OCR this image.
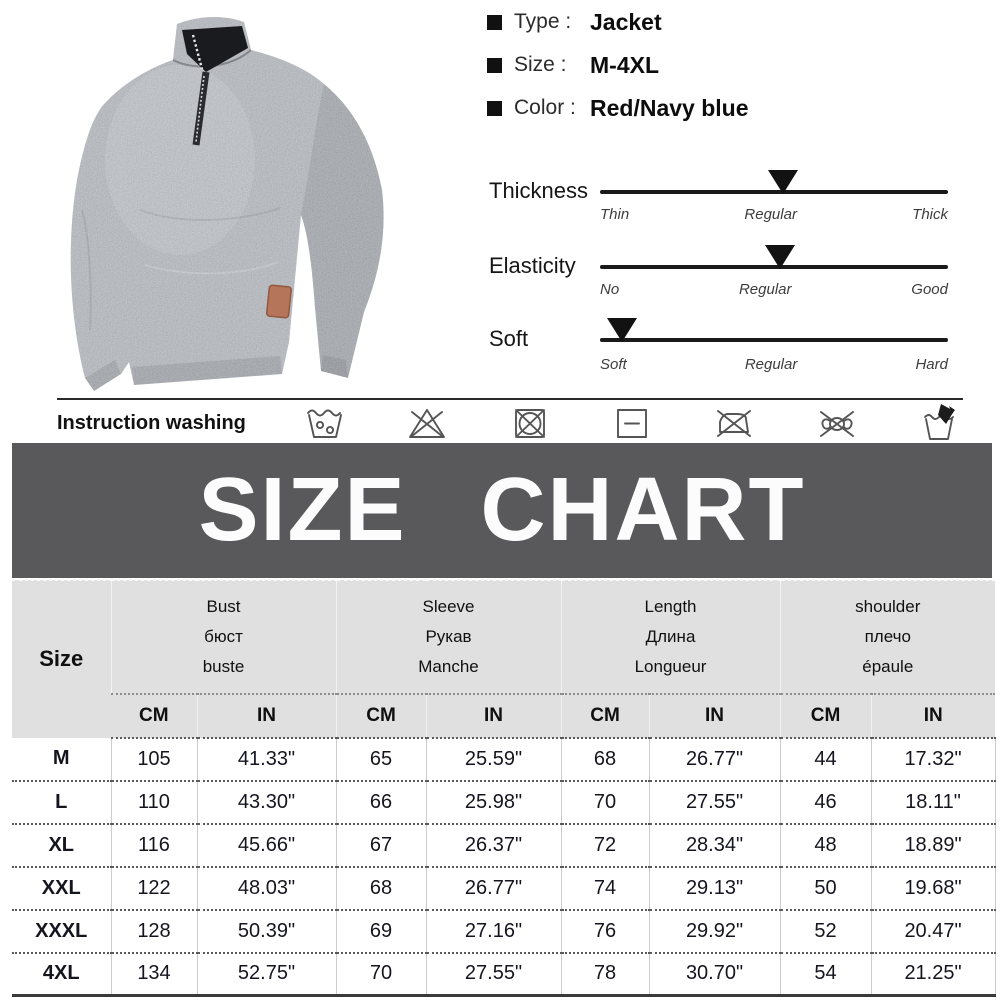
Type : Jacket
Size :	M-4XL
Color : Red/Navy blue
Thickness
Thin	Regular	Thick
Elasticity
No	Regular	Good
Soft
Soft	Regular	Hard
Instruction washing
SIZE CHART
Size	
Bust
бюст
buste

Sleeve
Рукав
Manche

Length
Длина
Longueur

shoulder
плечо
épaule

	CM	IN	CM	IN	CM	IN	CM	IN
M	105	41.33"	65	25.59"	68	26.77"	44	17.32"
L	110	43.30"	66	25.98"	70	27.55"	46	18.11"
XL	116	45.66"	67	26.37"	72	28.34"	48	18.89"
XXL	122	48.03"	68	26.77"	74	29.13"	50	19.68"
XXXL	128	50.39"	69	27.16"	76	29.92"	52	20.47"
4XL	134	52.75"	70	27.55"	78	30.70"	54	21.25"
